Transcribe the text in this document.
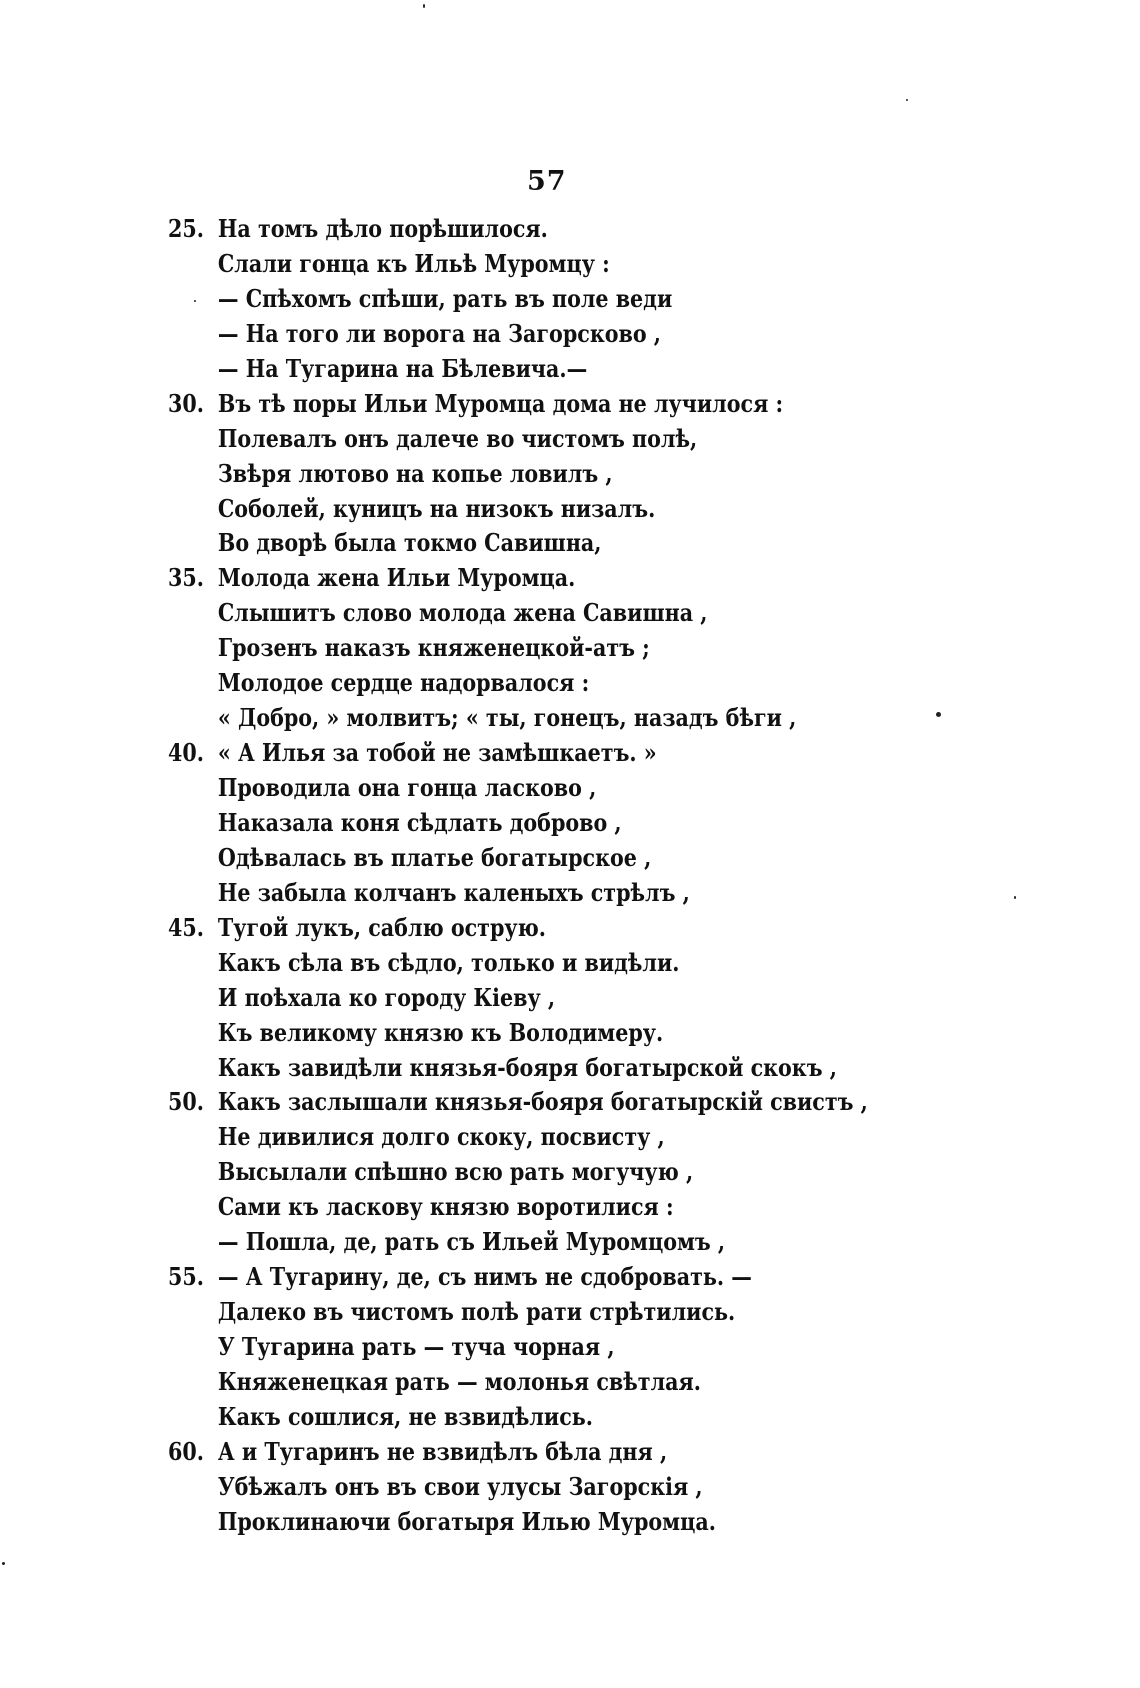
57
25. На томъ дѣло порѣшилося.
Слали гонца къ Ильѣ Муромцу :
— Спѣхомъ спѣши, рать въ поле веди
— На того ли ворога на Загорсково ,
— На Тугарина на Бѣлевича.—
30. Въ тѣ поры Ильи Муромца дома не лучилося :
Полевалъ онъ далече во чистомъ полѣ,
Звѣря лютово на копье ловилъ ,
Соболей, куницъ на низокъ низалъ.
Во дворѣ была токмо Савишна,
35. Молода жена Ильи Муромца.
Слышитъ слово молода жена Савишна ,
Грозенъ наказъ княженецкой-атъ ;
Молодое сердце надорвалося :
« Добро, » молвитъ; « ты, гонецъ, назадъ бѣги ,
40. « А Илья за тобой не замѣшкаетъ. »
Проводила она гонца ласково ,
Наказала коня сѣдлать доброво ,
Одѣвалась въ платье богатырское ,
Не забыла колчанъ каленыхъ стрѣлъ ,
45. Тугой лукъ, саблю острую.
Какъ сѣла въ сѣдло, только и видѣли.
И поѣхала ко городу Кіеву ,
Къ великому князю къ Володимеру.
Какъ завидѣли князья-бояря богатырской скокъ ,
50. Какъ заслышали князья-бояря богатырскій свистъ ,
Не дивилися долго скоку, посвисту ,
Высылали спѣшно всю рать могучую ,
Сами къ ласкову князю воротилися :
— Пошла, де, рать съ Ильей Муромцомъ ,
55. — А Тугарину, де, съ нимъ не сдобровать. —
Далеко въ чистомъ полѣ рати стрѣтились.
У Тугарина рать — туча чорная ,
Княженецкая рать — молонья свѣтлая.
Какъ сошлися, не взвидѣлись.
60. А и Тугаринъ не взвидѣлъ бѣла дня ,
Убѣжалъ онъ въ свои улусы Загорскія ,
Проклинаючи богатыря Илью Муромца.
